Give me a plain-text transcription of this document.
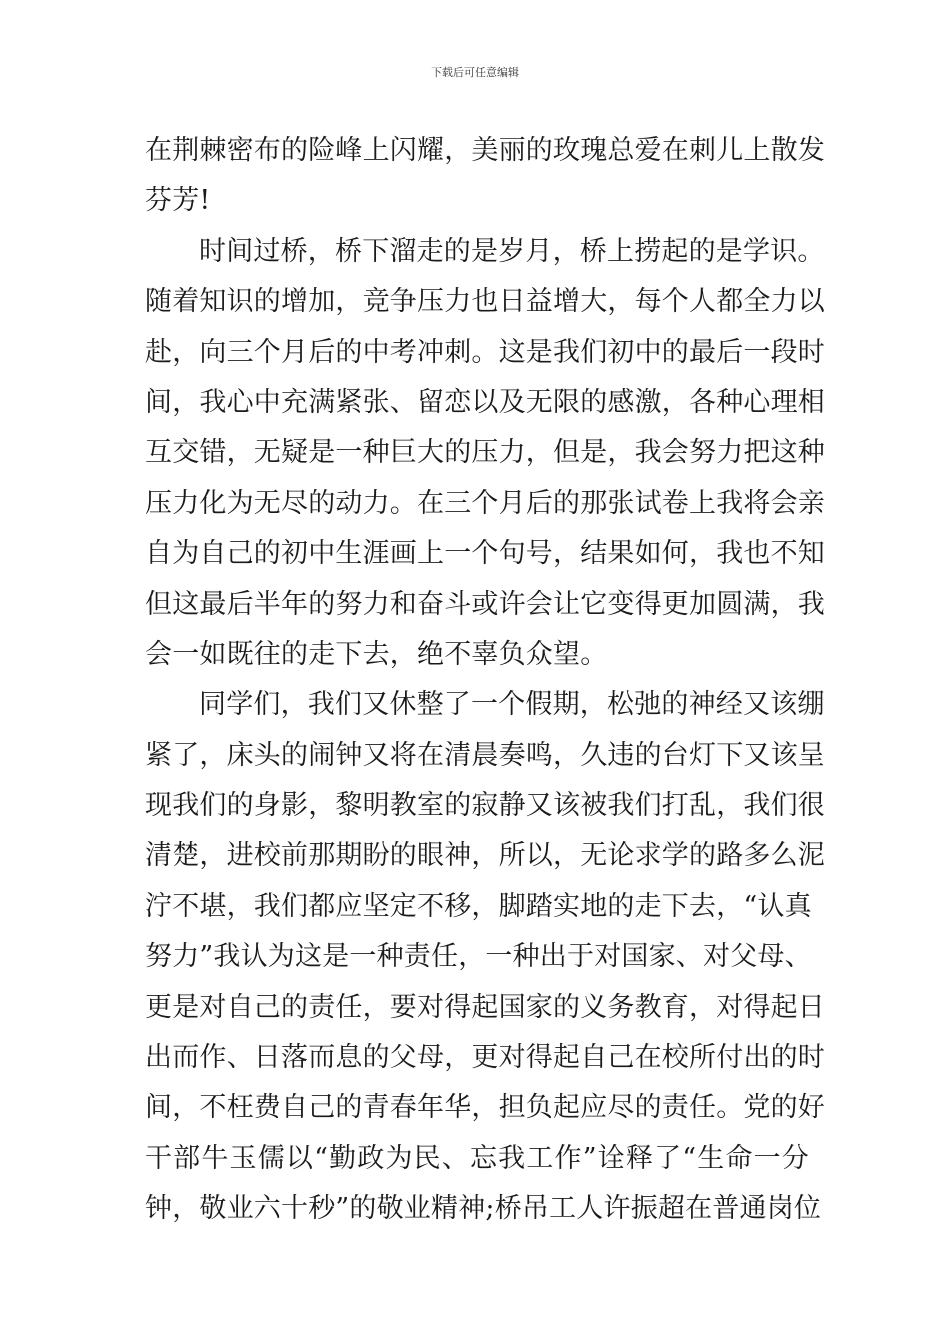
下载后可任意编辑
在荆棘密布的险峰上闪耀，美丽的玫瑰总爱在刺儿上散发
芬芳!
时间过桥，桥下溜走的是岁月，桥上捞起的是学识。
随着知识的增加，竞争压力也日益增大，每个人都全力以
赴，向三个月后的中考冲刺。这是我们初中的最后一段时
间，我心中充满紧张、留恋以及无限的感激，各种心理相
互交错，无疑是一种巨大的压力，但是，我会努力把这种
压力化为无尽的动力。在三个月后的那张试卷上我将会亲
自为自己的初中生涯画上一个句号，结果如何，我也不知
但这最后半年的努力和奋斗或许会让它变得更加圆满，我
会一如既往的走下去，绝不辜负众望。
同学们，我们又休整了一个假期，松弛的神经又该绷
紧了，床头的闹钟又将在清晨奏鸣，久违的台灯下又该呈
现我们的身影，黎明教室的寂静又该被我们打乱，我们很
清楚，进校前那期盼的眼神，所以，无论求学的路多么泥
泞不堪，我们都应坚定不移，脚踏实地的走下去，“认真
努力”我认为这是一种责任，一种出于对国家、对父母、
更是对自己的责任，要对得起国家的义务教育，对得起日
出而作、日落而息的父母，更对得起自己在校所付出的时
间，不枉费自己的青春年华，担负起应尽的责任。党的好
干部牛玉儒以“勤政为民、忘我工作”诠释了“生命一分
钟，敬业六十秒”的敬业精神;桥吊工人许振超在普通岗位
